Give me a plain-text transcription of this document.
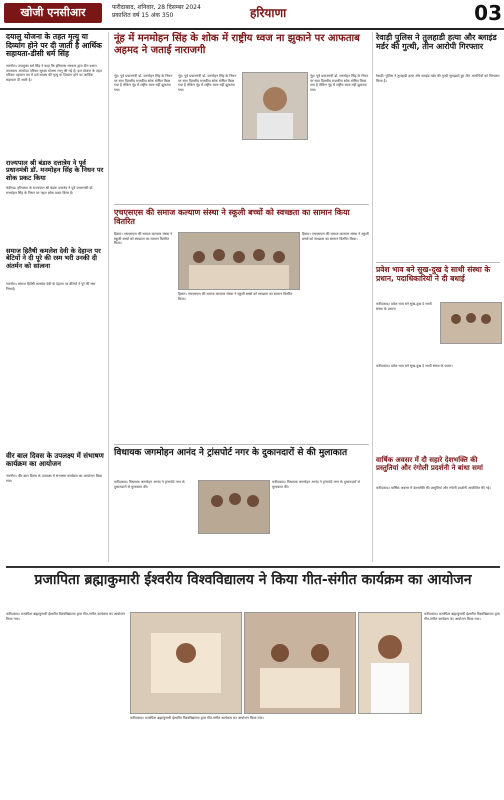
खोजी एनसीआर	फरीदाबाद, शनिवार, 28 दिसम्बर 2024
प्रकाशित वर्ष 15 अंक 350	हरियाणा	03
दयालु योजना के तहत मृत्यु या दिव्यांग होने पर दी जाती है आर्थिक सहायता-डीसी धर्म सिंह
नारनौल। उपायुक्त धर्म सिंह ने कहा कि हरियाणा सरकार द्वारा दीन दयाल उपाध्याय अंत्योदय परिवार सुरक्षा योजना लागू की गई है। इस योजना के तहत परिवार पहचान पत्र में दर्ज सदस्य की मृत्यु या दिव्यांग होने पर आर्थिक सहायता दी जाती है।
राज्यपाल श्री बंडारु दत्तात्रेय ने पूर्व प्रधानमंत्री डॉ. मनमोहन सिंह के निधन पर शोक प्रकट किया
चंडीगढ़। हरियाणा के राज्यपाल श्री बंडारु दत्तात्रेय ने पूर्व प्रधानमंत्री डॉ. मनमोहन सिंह के निधन पर गहरा शोक प्रकट किया है।
समाज हितैषी कमलेश देवी के देहान्त पर बेटियों ने दी पूरे की रस्म भरी उनकी दी अंतर्मन को सांत्वना
नारनौल। समाज हितैषी कमलेश देवी के देहान्त पर बेटियों ने पूरे की रस्म निभाई।
वीर बाल दिवस के उपलक्ष्य में संभाषण कार्यक्रम का आयोजन
नारनौल। वीर बाल दिवस के उपलक्ष्य में संभाषण कार्यक्रम का आयोजन किया गया।
नूंह में मनमोहन सिंह के शोक में राष्ट्रीय ध्वज ना झुकाने पर आफताब अहमद ने जताई नाराजगी
नूंह। पूर्व प्रधानमंत्री डॉ. मनमोहन सिंह के निधन पर सात दिवसीय राजकीय शोक घोषित किया गया है लेकिन नूंह में राष्ट्रीय ध्वज नहीं झुकाया गया।
नूंह। पूर्व प्रधानमंत्री डॉ. मनमोहन सिंह के निधन पर सात दिवसीय राजकीय शोक घोषित किया गया है लेकिन नूंह में राष्ट्रीय ध्वज नहीं झुकाया गया।
नूंह। पूर्व प्रधानमंत्री डॉ. मनमोहन सिंह के निधन पर सात दिवसीय राजकीय शोक घोषित किया गया है लेकिन नूंह में राष्ट्रीय ध्वज नहीं झुकाया गया।
रेवाड़ी पुलिस ने तुलहाडी हत्या और ब्लाइंड मर्डर की गुत्थी, तीन आरोपी गिरफ्तार
रेवाड़ी। पुलिस ने तुलहाडी हत्या और ब्लाइंड मर्डर की गुत्थी सुलझाते हुए तीन आरोपियों को गिरफ्तार किया है।
एचएसएस की समाज कल्याण संस्था ने स्कूली बच्चों को स्वच्छता का सामान किया वितरित
हिसार। एचएसएस की समाज कल्याण संस्था ने स्कूली बच्चों को स्वच्छता का सामान वितरित किया।
हिसार। एचएसएस की समाज कल्याण संस्था ने स्कूली बच्चों को स्वच्छता का सामान वितरित किया।
हिसार। एचएसएस की समाज कल्याण संस्था ने स्कूली बच्चों को स्वच्छता का सामान वितरित किया।
प्रवेश भाव बने सुख-दुख दे साथी संस्था के प्रधान, पदाधिकारियों ने दी बधाई
फरीदाबाद। प्रवेश भाव बने सुख-दुख दे साथी संस्था के प्रधान।
फरीदाबाद। प्रवेश भाव बने सुख-दुख दे साथी संस्था के प्रधान।
वार्षिक अवसर में दौ सहारे देशभक्ति की प्रस्तुतियां और रंगोली प्रदर्शनी ने बांधा समां
फरीदाबाद। वार्षिक अवसर में देशभक्ति की प्रस्तुतियां और रंगोली प्रदर्शनी आयोजित की गई।
विधायक जगमोहन आनंद ने ट्रांसपोर्ट नगर के दुकानदारों से की मुलाकात
फरीदाबाद। विधायक जगमोहन आनंद ने ट्रांसपोर्ट नगर के दुकानदारों से मुलाकात की।
फरीदाबाद। विधायक जगमोहन आनंद ने ट्रांसपोर्ट नगर के दुकानदारों से मुलाकात की।
प्रजापिता ब्रह्माकुमारी ईश्वरीय विश्वविद्यालय ने किया गीत-संगीत कार्यक्रम का आयोजन
फरीदाबाद। प्रजापिता ब्रह्माकुमारी ईश्वरीय विश्वविद्यालय द्वारा गीत-संगीत कार्यक्रम का आयोजन किया गया।
फरीदाबाद। प्रजापिता ब्रह्माकुमारी ईश्वरीय विश्वविद्यालय द्वारा गीत-संगीत कार्यक्रम का आयोजन किया गया।
फरीदाबाद। प्रजापिता ब्रह्माकुमारी ईश्वरीय विश्वविद्यालय द्वारा गीत-संगीत कार्यक्रम का आयोजन किया गया।
